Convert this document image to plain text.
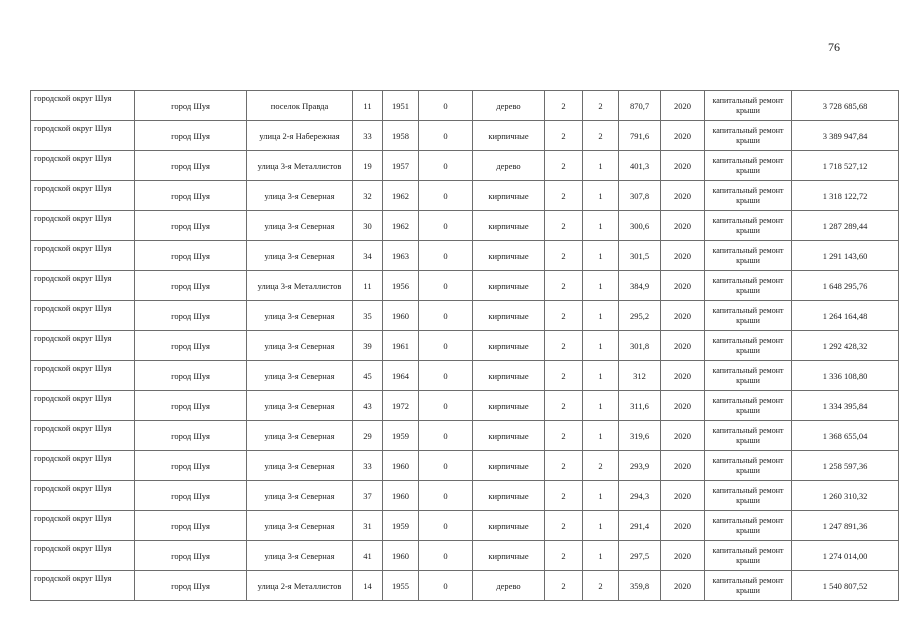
76
городской округ Шуя	город Шуя	поселок Правда	11	1951	0	дерево	2	2	870,7	2020	капитальный ремонт крыши	3 728 685,68
городской округ Шуя	город Шуя	улица 2-я Набережная	33	1958	0	кирпичные	2	2	791,6	2020	капитальный ремонт крыши	3 389 947,84
городской округ Шуя	город Шуя	улица 3-я Металлистов	19	1957	0	дерево	2	1	401,3	2020	капитальный ремонт крыши	1 718 527,12
городской округ Шуя	город Шуя	улица 3-я Северная	32	1962	0	кирпичные	2	1	307,8	2020	капитальный ремонт крыши	1 318 122,72
городской округ Шуя	город Шуя	улица 3-я Северная	30	1962	0	кирпичные	2	1	300,6	2020	капитальный ремонт крыши	1 287 289,44
городской округ Шуя	город Шуя	улица 3-я Северная	34	1963	0	кирпичные	2	1	301,5	2020	капитальный ремонт крыши	1 291 143,60
городской округ Шуя	город Шуя	улица 3-я Металлистов	11	1956	0	кирпичные	2	1	384,9	2020	капитальный ремонт крыши	1 648 295,76
городской округ Шуя	город Шуя	улица 3-я Северная	35	1960	0	кирпичные	2	1	295,2	2020	капитальный ремонт крыши	1 264 164,48
городской округ Шуя	город Шуя	улица 3-я Северная	39	1961	0	кирпичные	2	1	301,8	2020	капитальный ремонт крыши	1 292 428,32
городской округ Шуя	город Шуя	улица 3-я Северная	45	1964	0	кирпичные	2	1	312	2020	капитальный ремонт крыши	1 336 108,80
городской округ Шуя	город Шуя	улица 3-я Северная	43	1972	0	кирпичные	2	1	311,6	2020	капитальный ремонт крыши	1 334 395,84
городской округ Шуя	город Шуя	улица 3-я Северная	29	1959	0	кирпичные	2	1	319,6	2020	капитальный ремонт крыши	1 368 655,04
городской округ Шуя	город Шуя	улица 3-я Северная	33	1960	0	кирпичные	2	2	293,9	2020	капитальный ремонт крыши	1 258 597,36
городской округ Шуя	город Шуя	улица 3-я Северная	37	1960	0	кирпичные	2	1	294,3	2020	капитальный ремонт крыши	1 260 310,32
городской округ Шуя	город Шуя	улица 3-я Северная	31	1959	0	кирпичные	2	1	291,4	2020	капитальный ремонт крыши	1 247 891,36
городской округ Шуя	город Шуя	улица 3-я Северная	41	1960	0	кирпичные	2	1	297,5	2020	капитальный ремонт крыши	1 274 014,00
городской округ Шуя	город Шуя	улица 2-я Металлистов	14	1955	0	дерево	2	2	359,8	2020	капитальный ремонт крыши	1 540 807,52
